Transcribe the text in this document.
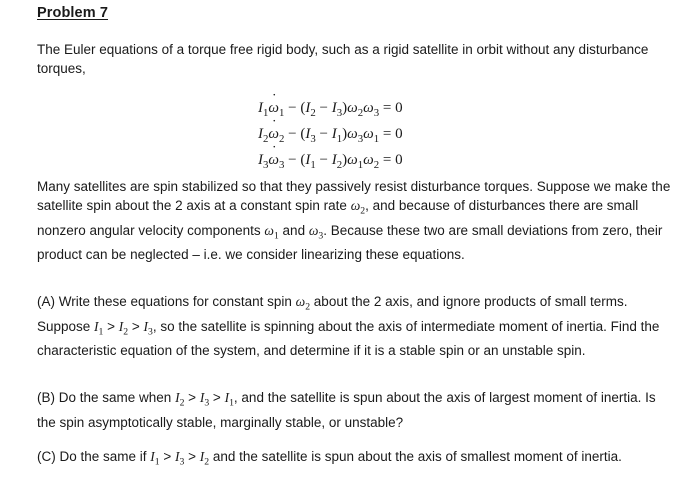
Problem 7

The Euler equations of a torque free rigid body, such as a rigid satellite in orbit without any disturbance torques,

$I_1\omega$ $˙_1 - (I_2 - I_3)\omega_2\omega_3 = 0$
$I_2\omega$ $˙_2 - (I_3 - I_1)\omega_3\omega_1 = 0$
$I_3\omega$ $˙_3 - (I_1 - I_2)\omega_1\omega_2 = 0$

Many satellites are spin stabilized so that they passively resist disturbance torques. Suppose we make the satellite spin about the 2 axis at a constant spin rate $\omega_2$, and because of disturbances there are small nonzero angular velocity components $\omega_1$ and $\omega_3$. Because these two are small deviations from zero, their product can be neglected – i.e. we consider linearizing these equations.

(A) Write these equations for constant spin $\omega_2$ about the 2 axis, and ignore products of small terms. Suppose $I_1 > I_2 > I_3$, so the satellite is spinning about the axis of intermediate moment of inertia. Find the characteristic equation of the system, and determine if it is a stable spin or an unstable spin.

(B) Do the same when $I_2 > I_3 > I_1$, and the satellite is spun about the axis of largest moment of inertia. Is the spin asymptotically stable, marginally stable, or unstable?

(C) Do the same if $I_1 > I_3 > I_2$ and the satellite is spun about the axis of smallest moment of inertia.
